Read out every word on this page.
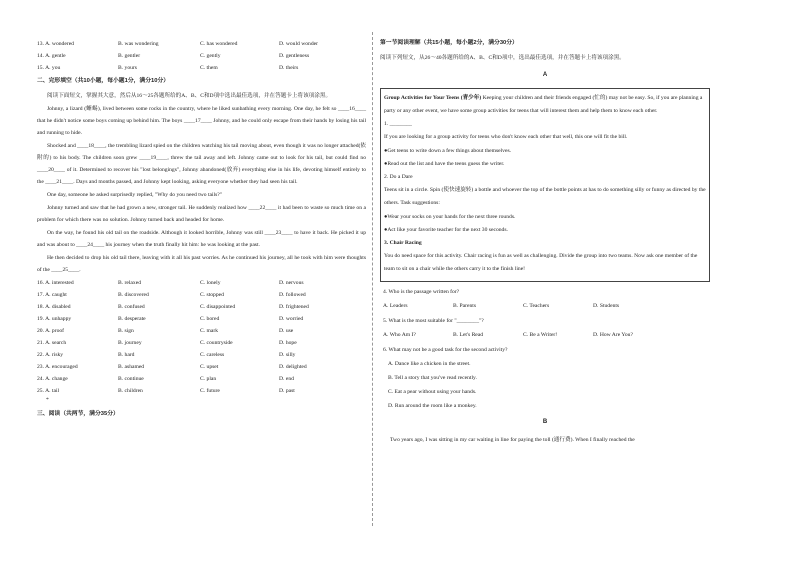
13. A. wondered	B. was wondering	C. has wondered	D. would wonder
14. A. gentle	B. gentler	C. gently	D. gentleness
15. A. you	B. yours	C. them	D. theirs
二、完形填空（共10小题，每小题1分，满分10分）

阅读下面短文，掌握其大意，然后从16～25各题所给的A、B、C和D项中选出最佳选项，并在答题卡上将该项涂黑。

Johnny, a lizard (蜥蜴), lived between some rocks in the country, where he liked sunbathing every morning. One day, he felt so ____16____ that he didn't notice some boys coming up behind him. The boys ____17____ Johnny, and he could only escape from their hands by losing his tail and running to hide.

Shocked and ____18____, the trembling lizard spied on the children watching his tail moving about, even though it was no longer attached(依附的) to his body. The children soon grew ____19____, threw the tail away and left. Johnny came out to look for his tail, but could find no ____20____ of it. Determined to recover his "lost belongings", Johnny abandoned(放弃) everything else in his life, devoting himself entirely to the ____21____. Days and months passed, and Johnny kept looking, asking everyone whether they had seen his tail.

One day, someone he asked surprisedly replied, "Why do you need two tails?"

Johnny turned and saw that he had grown a new, stronger tail. He suddenly realized how ____22____ it had been to waste so much time on a problem for which there was no solution. Johnny turned back and headed for home.

On the way, he found his old tail on the roadside. Although it looked horrible, Johnny was still ____23____ to have it back. He picked it up and was about to ____24____ his journey when the truth finally hit him: he was looking at the past.

He then decided to drop his old tail there, leaving with it all his past worries. As he continued his journey, all he took with him were thoughts of the ____25____.

16. A. interested	B. relaxed	C. lonely	D. nervous
17. A. caught	B. discovered	C. stopped	D. followed
18. A. disabled	B. confused	C. disappointed	D. frightened
19. A. unhappy	B. desperate	C. bored	D. worried
20. A. proof	B. sign	C. mark	D. use
21. A. search	B. journey	C. countryside	D. hope
22. A. risky	B. hard	C. careless	D. silly
23. A. encouraged	B. ashamed	C. upset	D. delighted
24. A. change	B. continue	C. plan	D. end
25. A. tail	B. children	C. future	D. past
*
三、阅读（共两节，满分35分）
第一节阅读理解（共15小题，每小题2分，满分30分）

阅读下列短文，从26～40各题所给的A、B、C和D项中，选出最佳选项，并在答题卡上将该项涂黑。

A

Group Activities for Your Teens (青少年) Keeping your children and their friends engaged (忙的) may not be easy. So, if you are planning a party or any other event, we have some group activities for teens that will interest them and help them to know each other.

1. ________

If you are looking for a group activity for teens who don't know each other that well, this one will fit the bill.

●Get teens to write down a few things about themselves.

●Read out the list and have the teens guess the writer.

2. Do a Dare

Teens sit in a circle. Spin (使快速旋转) a bottle and whoever the top of the bottle points at has to do something silly or funny as directed by the others. Task suggestions:

●Wear your socks on your hands for the next three rounds.

●Act like your favorite teacher for the next 30 seconds.

3. Chair Racing

You do need space for this activity. Chair racing is fun as well as challenging. Divide the group into two teams. Now ask one member of the team to sit on a chair while the others carry it to the finish line!

4. Who is the passage written for?

A. Leaders	B. Parents	C. Teachers	D. Students

5. What is the most suitable for "________"?

A. Who Am I?	B. Let's Read	C. Be a Writer!	D. How Are You?

6. What may not be a good task for the second activity?

A. Dance like a chicken in the street.

B. Tell a story that you've read recently.

C. Eat a pear without using your hands.

D. Run around the room like a monkey.

B

Two years ago, I was sitting in my car waiting in line for paying the toll (通行费). When I finally reached the
